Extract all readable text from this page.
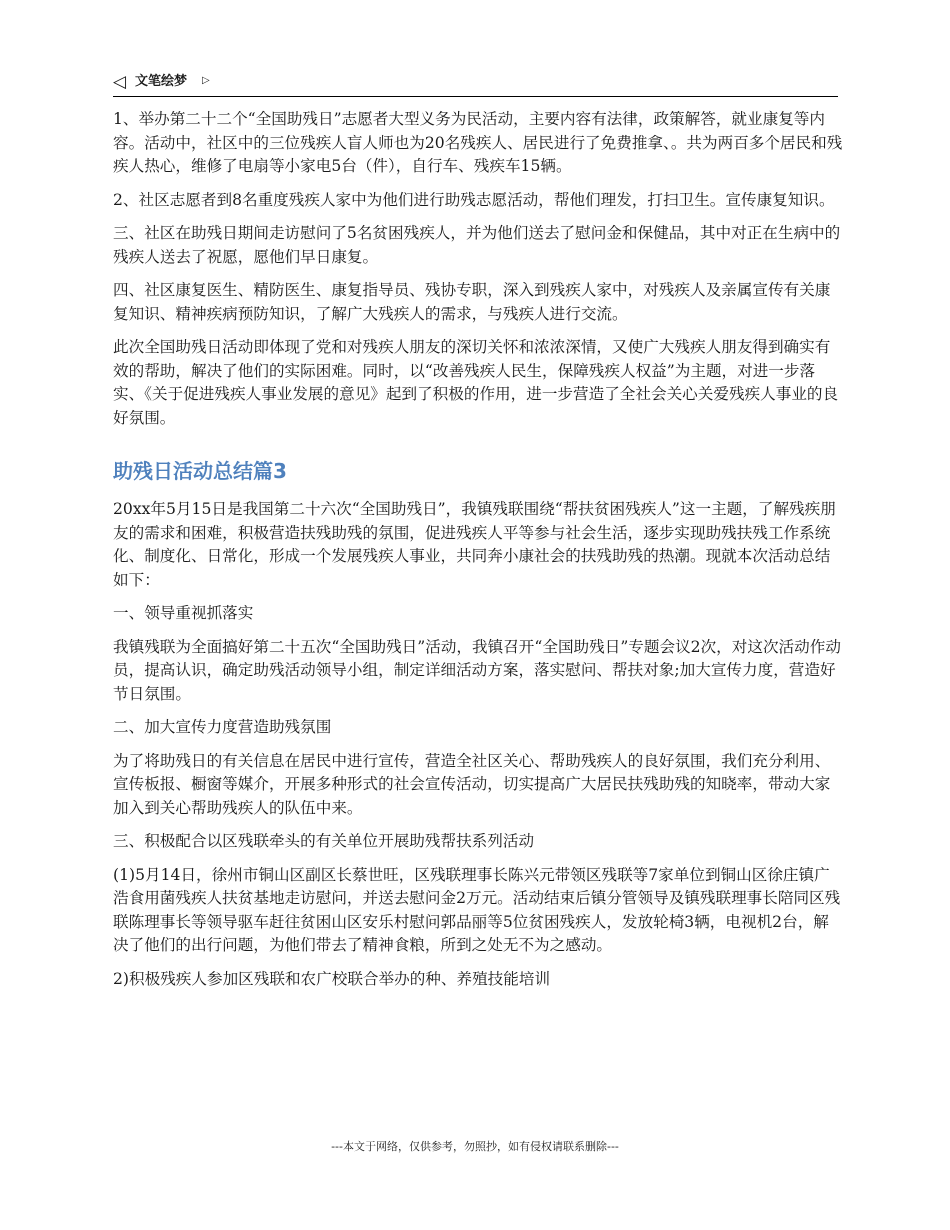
◁ 文笔绘梦 ▷

1、举办第二十二个“全国助残日”志愿者大型义务为民活动，主要内容有法律，政策解答，就业康复等内容。活动中，社区中的三位残疾人盲人师也为20名残疾人、居民进行了免费推拿、。共为两百多个居民和残疾人热心，维修了电扇等小家电5台（件），自行车、残疾车15辆。

2、社区志愿者到8名重度残疾人家中为他们进行助残志愿活动，帮他们理发，打扫卫生。宣传康复知识。

三、社区在助残日期间走访慰问了5名贫困残疾人，并为他们送去了慰问金和保健品，其中对正在生病中的残疾人送去了祝愿，愿他们早日康复。

四、社区康复医生、精防医生、康复指导员、残协专职，深入到残疾人家中，对残疾人及亲属宣传有关康复知识、精神疾病预防知识，了解广大残疾人的需求，与残疾人进行交流。

此次全国助残日活动即体现了党和对残疾人朋友的深切关怀和浓浓深情，又使广大残疾人朋友得到确实有效的帮助，解决了他们的实际困难。同时，以“改善残疾人民生，保障残疾人权益”为主题，对进一步落实、《关于促进残疾人事业发展的意见》起到了积极的作用，进一步营造了全社会关心关爱残疾人事业的良好氛围。

助残日活动总结篇3

20xx年5月15日是我国第二十六次“全国助残日”，我镇残联围绕“帮扶贫困残疾人”这一主题，了解残疾朋友的需求和困难，积极营造扶残助残的氛围，促进残疾人平等参与社会生活，逐步实现助残扶残工作系统化、制度化、日常化，形成一个发展残疾人事业，共同奔小康社会的扶残助残的热潮。现就本次活动总结如下：

一、领导重视抓落实

我镇残联为全面搞好第二十五次“全国助残日”活动，我镇召开“全国助残日”专题会议2次，对这次活动作动员，提高认识，确定助残活动领导小组，制定详细活动方案，落实慰问、帮扶对象;加大宣传力度，营造好节日氛围。

二、加大宣传力度营造助残氛围

为了将助残日的有关信息在居民中进行宣传，营造全社区关心、帮助残疾人的良好氛围，我们充分利用、宣传板报、橱窗等媒介，开展多种形式的社会宣传活动，切实提高广大居民扶残助残的知晓率，带动大家加入到关心帮助残疾人的队伍中来。

三、积极配合以区残联牵头的有关单位开展助残帮扶系列活动

(1)5月14日，徐州市铜山区副区长蔡世旺，区残联理事长陈兴元带领区残联等7家单位到铜山区徐庄镇广浩食用菌残疾人扶贫基地走访慰问，并送去慰问金2万元。活动结束后镇分管领导及镇残联理事长陪同区残联陈理事长等领导驱车赶往贫困山区安乐村慰问郭品丽等5位贫困残疾人，发放轮椅3辆，电视机2台，解决了他们的出行问题，为他们带去了精神食粮，所到之处无不为之感动。

2)积极残疾人参加区残联和农广校联合举办的种、养殖技能培训

---本文于网络，仅供参考，勿照抄，如有侵权请联系删除---
